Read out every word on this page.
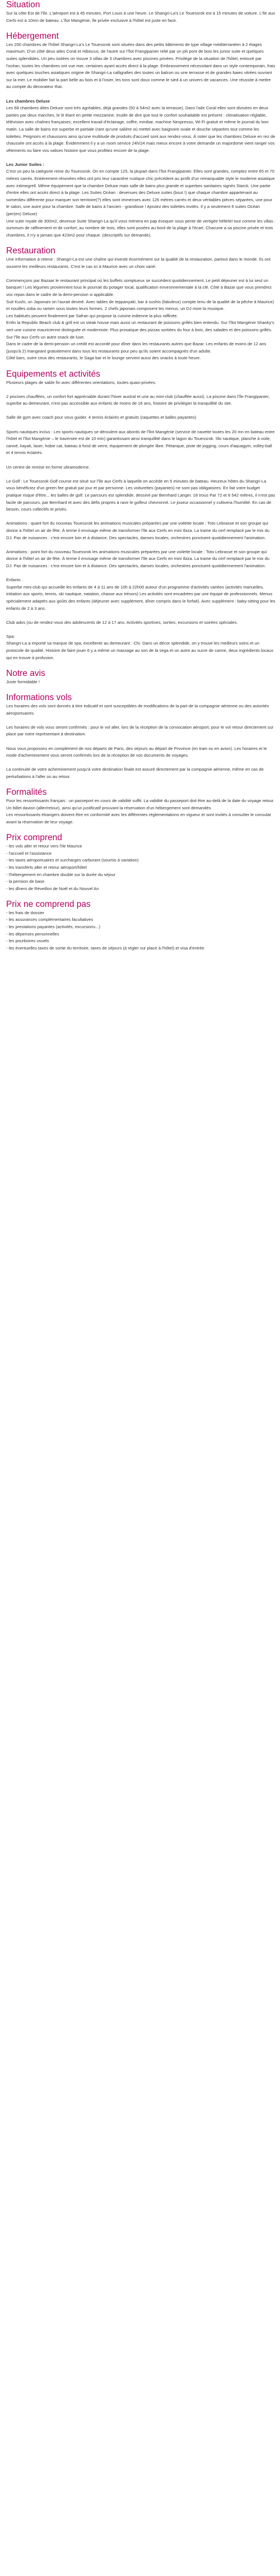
Situation

Sur la côte Est de l'île. L'aéroport est à 45 minutes, Port Louis à une heure. Le Shangri-La's Le Touessrok est à 15 minutes de voiture. L'île aux Cerfs est à 10mn de bateau. L'îlot Mangénie, île privée exclusive à l'hôtel est juste en face.

Hébergement

Les 200 chambres de l'hôtel Shangri-La's Le Touessrok sont situées dans des petits bâtiments de type village méditerranéen à 2 étages maximum. D'un côté deux ailes Coral et Hibiscus, de l'autre sur l'îlot Frangipanier relié par un joli pont de bois les junior suite et quelques suites splendides. Un peu isolées on trouve 3 villas de 3 chambres avec piscines privées. Privilège de la situation de l'hôtel, entouré par l'océan, toutes les chambres ont vue mer, certaines ayant accès direct à la plage. Embrassement nécessitant dans un style contemporain, frais avec quelques touches asiatiques origine de Shangri-La calligrafies des toutes un balcon ou une terrasse et de grandes baies vitrées ouvrant sur la mer. Le mobilier fait la part belle au bois et à l'osier, les tons sont doux comme le sied à un univers de vacances. Une réussite à mettre au compte du décorateur thaï.

Les chambres Deluxe

Les 68 chambres dites Deluxe sont très agréables, déjà grandes (50 à 54m2 avec la terrasse). Dans l'aile Coral elles sont divisées en deux parties par deux marches, le lit étant en petite mezzanine. Inutile de dire que tout le confort souhaitable est présent : climatisation réglable, télévision avec chaînes françaises, excellent travail d'éclairage, coffre, minibar, machine Nespresso, Wi-Fi gratuit et même le journal du bon matin. La salle de bains est superbe et partiale (rare qu'une salière où mettel avec baignoire ovale et douche séparées tout comme les toilettes. Peignoirs et chaussons ainsi qu'une multitude de produits d'accueil sont aux rendez-vous. À noter que les chambres Deluxe en rez de chaussée ont accès à la plage. Évidemment il y a un room service 24h/24 mais mieux encore à votre demande un majordome vient ranger vos vêtements ou faire vos valises histoire que vous profitiez encore de la plage.

Les Junior Suites :

C'est un peu la catégorie reine du Touessrok. On en compte 125, la plupart dans l'îlot Frangipanier. Elles sont grandes, comptez entre 65 et 70 mètres carrés. Entièrement rénovées elles ont pris leur caractère rustique chic précédent au profit d'un remarquable style le moderne asiatique avec intimegrell. Même équipement que la chambre Deluxe mais salle de bains plus grande et superbes sanitaires signés Starck. Une partie d'entre elles ont accès direct à la plage. Les Suites Océan : devenues des Deluxe suites (bout !) que chaque chambre appartenant au somenlieu différente pour marquer son territoire(?) elles sont immenses avec 126 mètres carrés et deux véritables pièces séparées, une pour le salon, une autre pour la chambre. Salle de bains à l'ancien - grandiose ! Ajoutez des toilettes invités. Il y a seulement 6 suites Océan (per(en) Deluxe)

Une suite royale de 300m2, devenue Suite Shangri-La qu'il vous mènera en pap évoquer sous pente de vertigée hélitrlel tout comme les villas : summum de raffinement et de confort, au nombre de trois, elles sont posées au bord de la plage à l'écart. Chacune a sa piscine privée et trois chambres, il n'y a jamais que 423m2 pour chaque. (descriptifs sur demande).

Restauration

Une information à retenir : Shangri-La est une chaîne qui investit énormément sur la qualité de la restauration, partout dans le monde. Ils ont souvent les meilleurs restaurants. C'est le cas ici à Maurice avec un choix varié.

Commençons par Bazaar le restaurant principal où les buffets somptueux se succèdent quotidiennement. Le petit déjeuner est à lui seul un banquet ! Les légumes proviennent tous le pourrait du potager tocal, qualification environnementale à la clé. Côté à Bazar que vous prendrez vos repas dans le cadre de la demi-pension si applicable.

Suit Kushi, un Japonais on l'aurait deviné. Avec tables de teppanyaki, bar à sushis (fabuleux) compte tenu de la qualité de la pêche à Maurice) et nouilles soba ou ramen sous toutes leurs formes. 2 chefs japonais composent les menus, un DJ mixe la musique.

Les habitués peuvent finalement par Safran qui propose la cuisine indienne la plus raffinée.

Enfin la Republic Beach club & grill est un steak house mais aussi un restaurant de poissons grillés bien entendu. Sur l'îlot Mangénie Shanky's sert une cuisine mauricienne distinguée et moderniste. Plus prosaïque des pizzas sortiées du four à bois, des salades et des poissons grillés. Sur l'île aux Cerfs un autre snack de luxe.

Dans le cadre de la demi-pension un crédit est accordé pour dîner dans les restaurants autres que Bazar. Les enfants de moins de 12 ans (jusqu'à 2) mangeant gratuitement dans tous les restaurants pour peu qu'ils soient accompagnés d'un adulte.

Côté bars, outre ceux des restaurants, le Saga bar et le lounge servent aussi des snacks à toute heure.

Equipements et activités

Plusieurs plages de sable fin avec différentes orientations, toutes quasi-privées.

2 piscines chauffées, un confort fort appréciable durant l'hiver austral et une au mini-club (chauffée aussi). La piscine dans l'île Frangipanier, superbe au demeurant, n'est pas accessible aux enfants de moins de 16 ans, histoire de privilégier la tranquillité du site.

Salle de gym avec coach pour vous guider. 4 tennis éclairés et gratuits (raquettes et balles payantes)

Sports nautiques inclus : Les sports nautiques se déroulent aux abords de l'îlot Mangénie (service de navette toutes les 20 mn en bateau entre l'hôtel et l'îlot Mangénie – le traversée est de 10 min) garantissant ainsi tranquillité dans le lagon du Touessrok. Ski nautique, planche à voile, canoë, kayak, laser, hobie cat, bateau à fond de verre, équipement de plongée libre. Pétanque, piste de jogging, cours d'aquagym, volley-ball et 4 tennis éclairés.

Un centre de remise en forme ultramoderne.

Le Golf : Le Touessrok Golf course est situé sur l'île aux Cerfs à laquelle on accède en 5 minutes de bateau. Heureux hôtes du Shangri-La vous bénéficiez d'un green fee gratuit par jour et par personne. Les voiturettes (payantes) ne sont pas obligatoires. En fait votre budget pratique risque d'être... les balles de golf. Le parcours est splendide, dessiné par Bernhard Langer. 18 trous Par 72 et 6 542 mètres, il n'est pas facile de parcours, par Bernhard et avec des défis propres à ravir le golfeur chevronné. Le joueur occasionnel y cultivera l'humilité. En cas de besoin, cours collectifs et privés.

Animations : quant fort du nouveau Touessrok les animations musicales préparées par une voilette locale : Toto Lebrasse et son groupe qui donne à l'hôtel un air de fête. À terme il envisage même de transformer l'île aux Cerfs en mini Ibiza. La trame du cerf remplacé par le mix du DJ. Pas de nuisances : c'est encore loin et à distance. Des spectacles, danses locales, orchestres ponctuent quotidiennement l'animation.

Animations : point fort du nouveau Touessrok les animations musicales préparées par une voilette locale : Toto Lebrasse et son groupe qui donne à l'hôtel un air de fête. À terme il envisage même de transformer l'île aux Cerfs en mini Ibiza. La trame du cerf remplacé par le mix du DJ. Pas de nuisances : c'est encore loin et à distance. Des spectacles, danses locales, orchestres ponctuent quotidiennement l'animation.

Enfants :
Superbe mini-club qui accueille les enfants de 4 à 11 ans de 10h à 22h00 autour d'un programme d'activités variées (activités manuelles, initiation aux sports, tennis, ski nautique, natation, chasse aux trésors) Les activités sont encadrées par une équipe de professionnels. Menus spécialement adaptés aux goûts des enfants (déjeuner avec supplément, dîner compris dans le forfait). Avec supplément : baby-sitting pour les enfants de 2 à 3 ans.

Club ados (ou de rendez-vous des adolescents de 12 à 17 ans. Activités sportives, sorties, excursions et soirées spéciales.

Spa:
Shangri-La a importé sa marque de spa, excellente au demeurant : Chi. Dans un décor splendide, on y trouve les meilleurs soins et un protocole de qualité. Histoire de faire jouer 6 y a même un massage au son de la sega et un autre au sucre de canne, deux ingrédients locaux qui en trouve à profusion.

Notre avis

Juste formidable !

Informations vols

Les horaires des vols sont donnés à titre indicatif et sont susceptibles de modifications de la part de la compagnie aérienne ou des autorités aéroportuaires.

Les horaires de vols vous seront confirmés : pour le vol aller, lors de la réception de la convocation aéroport, pour le vol retour directement sur place par notre représentant à destination.

Nous vous proposons en complément de nos départs de Paris, des séjours au départ de Province (en train ou en avion). Les horaires et le mode d'acheminement vous seront confirmés lors de la réception de vos documents de voyages.

La continuité de votre acheminement jusqu'à votre destination finale est assuré directement par la compagnie aérienne, même en cas de perturbations à l'aller ou au retour.

Formalités

Pour les ressortissants français : un passeport en cours de validité suffit. La validité du passeport doit être au-delà de la date du voyage retour. Un billet davion (aller/retour), ainsi qu'un justificatif prouvant la réservation d'un hébergement sont demandés.

Les ressortissants étrangers doivent être en conformité avec les différentes réglementations en vigueur et sont invités à consulter le consulat avant la réservation de leur voyage.

Prix comprend
- les vols aller et retour vers l'Ile Maurice
- l'accueil et l'assistance
- les taxes aéroportuaires et surcharges carburant (soumis à variation)
- les transferts aller et retour aéroport/hôtel
- l'hébergement en chambre double sur la durée du séjour
- la pension de base
- les dîners de Réveillon de Noël et du Nouvel An
Prix ne comprend pas
- les frais de dossier
- les assurances complémentaires facultatives
- les prestations payantes (activités, excursions...)
- les dépenses personnelles
- les pourboires usuels
- les éventuelles taxes de sortie du territoire, taxes de séjours (à régler sur place à l'hôtel) et visa d'entrée
